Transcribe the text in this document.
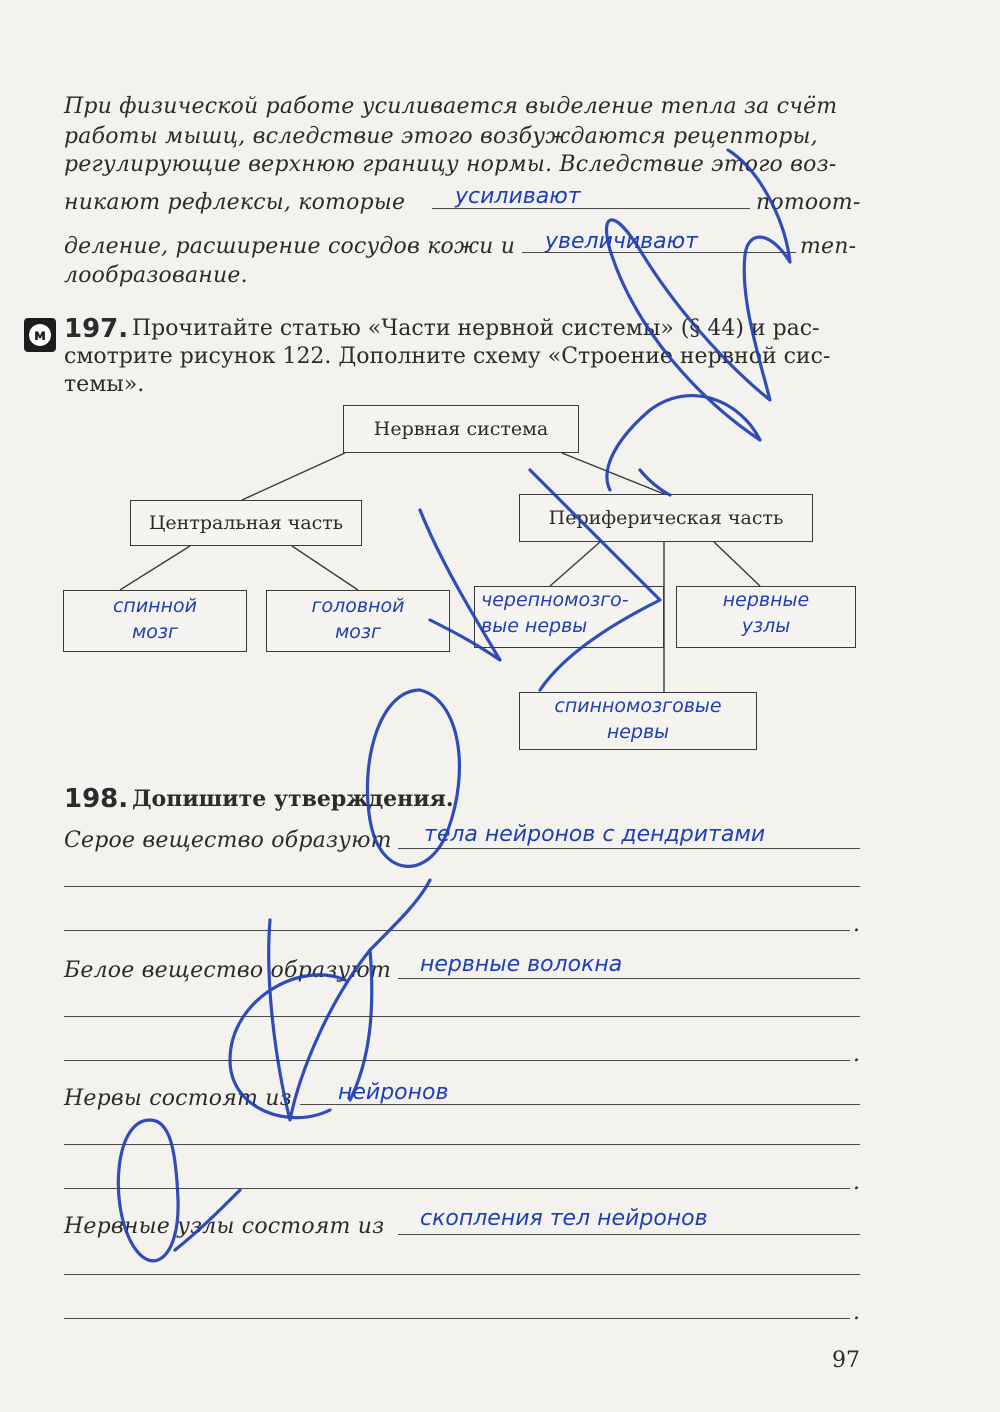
При физической работе усиливается выделение тепла за счёт
работы мышц, вследствие этого возбуждаются рецепторы,
регулирующие верхнюю границу нормы. Вследствие этого воз-
никают рефлексы, которые	усиливают	потоот-
деление, расширение сосудов кожи и	увеличивают	теп-
лообразование.
м 197. Прочитайте статью «Части нервной системы» (§ 44) и рас-
смотрите рисунок 122. Дополните схему «Строение нервной сис-
темы».
Нервная система
Центральная часть	Периферическая часть
спинной
мозг
головной
мозг
черепномозго-
вые нервы
нервные
узлы
спинномозговые
нервы
198. Допишите утверждения.
Серое вещество образуют тела нейронов с дендритами
.
Белое вещество образуют нервные волокна
.
Нервы состоят из нейронов
.
Нервные узлы состоят из скопления тел нейронов
.
97
